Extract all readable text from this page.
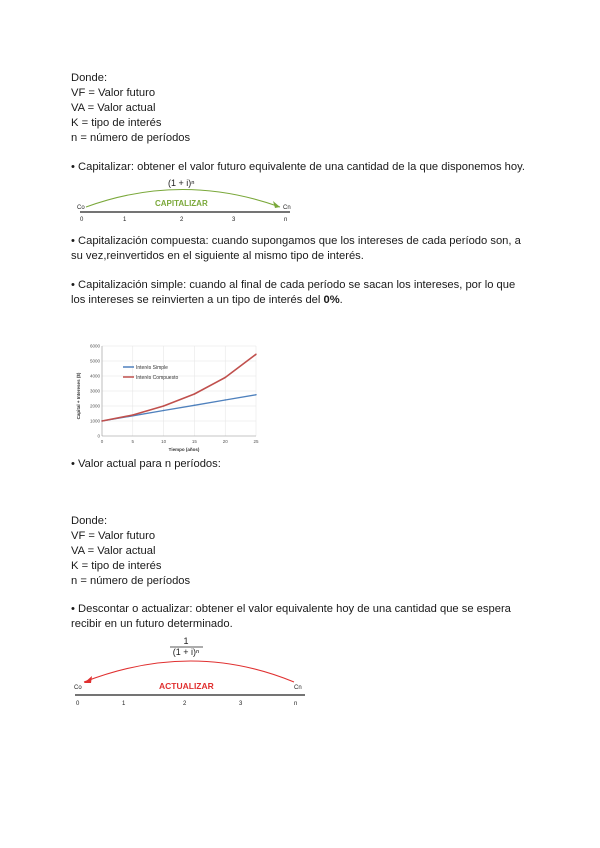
Donde:
VF = Valor futuro
VA = Valor actual
K = tipo de interés
n = número de períodos
• Capitalizar: obtener el valor futuro equivalente de una cantidad de la que disponemos hoy.
(1 + i)ⁿ
CAPITALIZAR
Co	Cn
0	1	2	3	n
• Capitalización compuesta: cuando supongamos que los intereses de cada período son, a su vez,reinvertidos en el siguiente al mismo tipo de interés.
• Capitalización simple: cuando al final de cada período se sacan los intereses, por lo que los intereses se reinvierten a un tipo de interés del 0%.
Capital + Intereses ($)
Tiempo (años)
0
1000
2000
3000
4000
5000
6000
0	5	10	15	20	25
Interés Simple
Interés Compuesto
• Valor actual para n períodos:
Donde:
VF = Valor futuro
VA = Valor actual
K = tipo de interés
n = número de períodos
• Descontar o actualizar: obtener el valor equivalente hoy de una cantidad que se espera recibir en un futuro determinado.
1
(1 + i)ⁿ
ACTUALIZAR
Co	Cn
0	1	2	3	n
